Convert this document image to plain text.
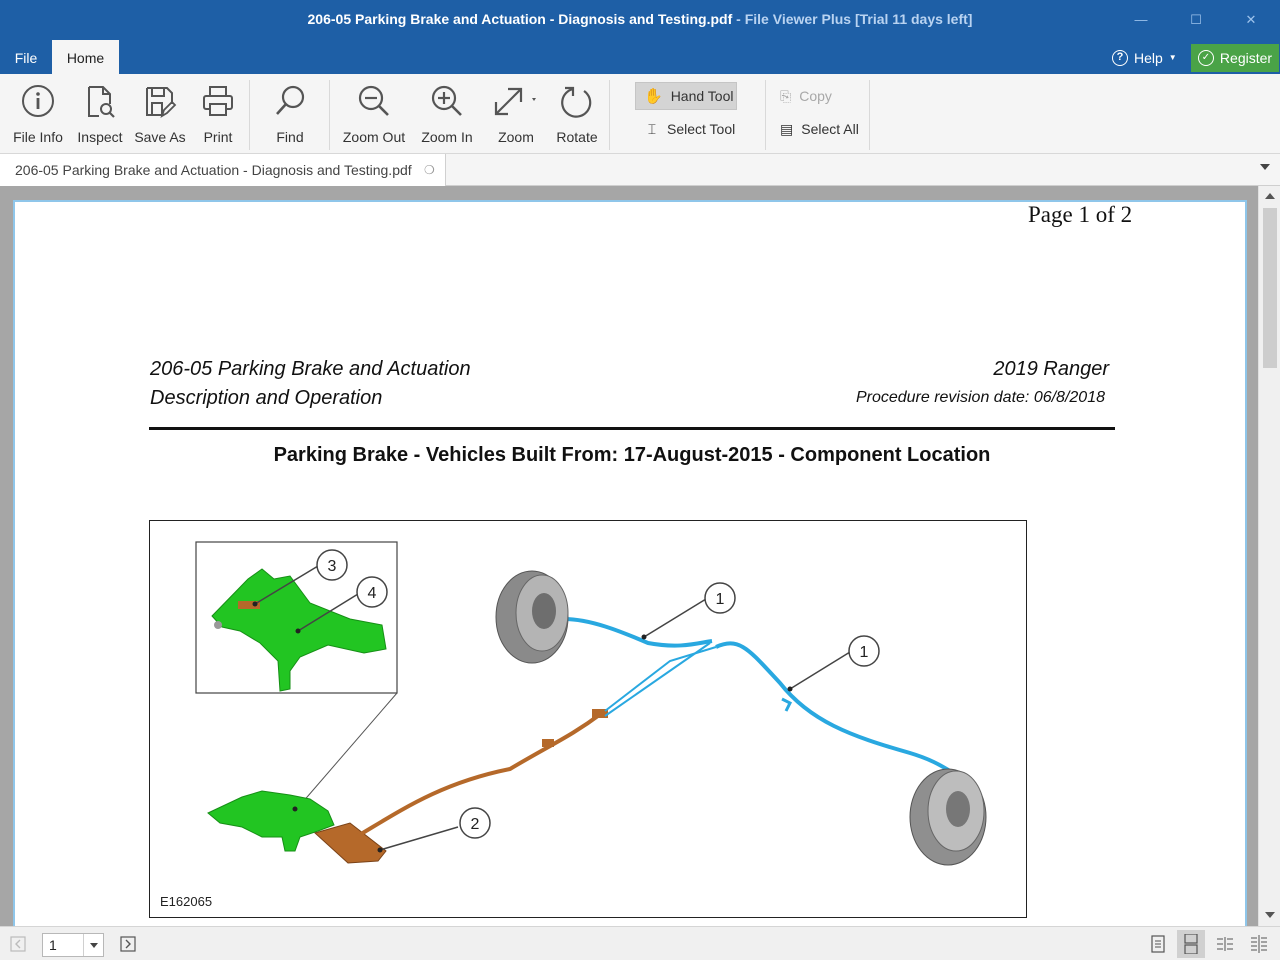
206-05 Parking Brake and Actuation - Diagnosis and Testing.pdf - File Viewer Plus [Trial 11 days left]	—	☐	✕
File	Home	? Help ▼	✓ Register
File Info	Inspect Save As	Print	Find	Zoom Out	Zoom In	Zoom	Rotate
✋ Hand Tool
⌶ Select Tool
⎘ Copy
▤ Select All
206-05 Parking Brake and Actuation - Diagnosis and Testing.pdf ❍
Page 1 of 2
206-05 Parking Brake and Actuation
Description and Operation
2019 Ranger
Procedure revision date: 06/8/2018
Parking Brake - Vehicles Built From: 17-August-2015 - Component Location
3
4	1
1
2
E162065
1
